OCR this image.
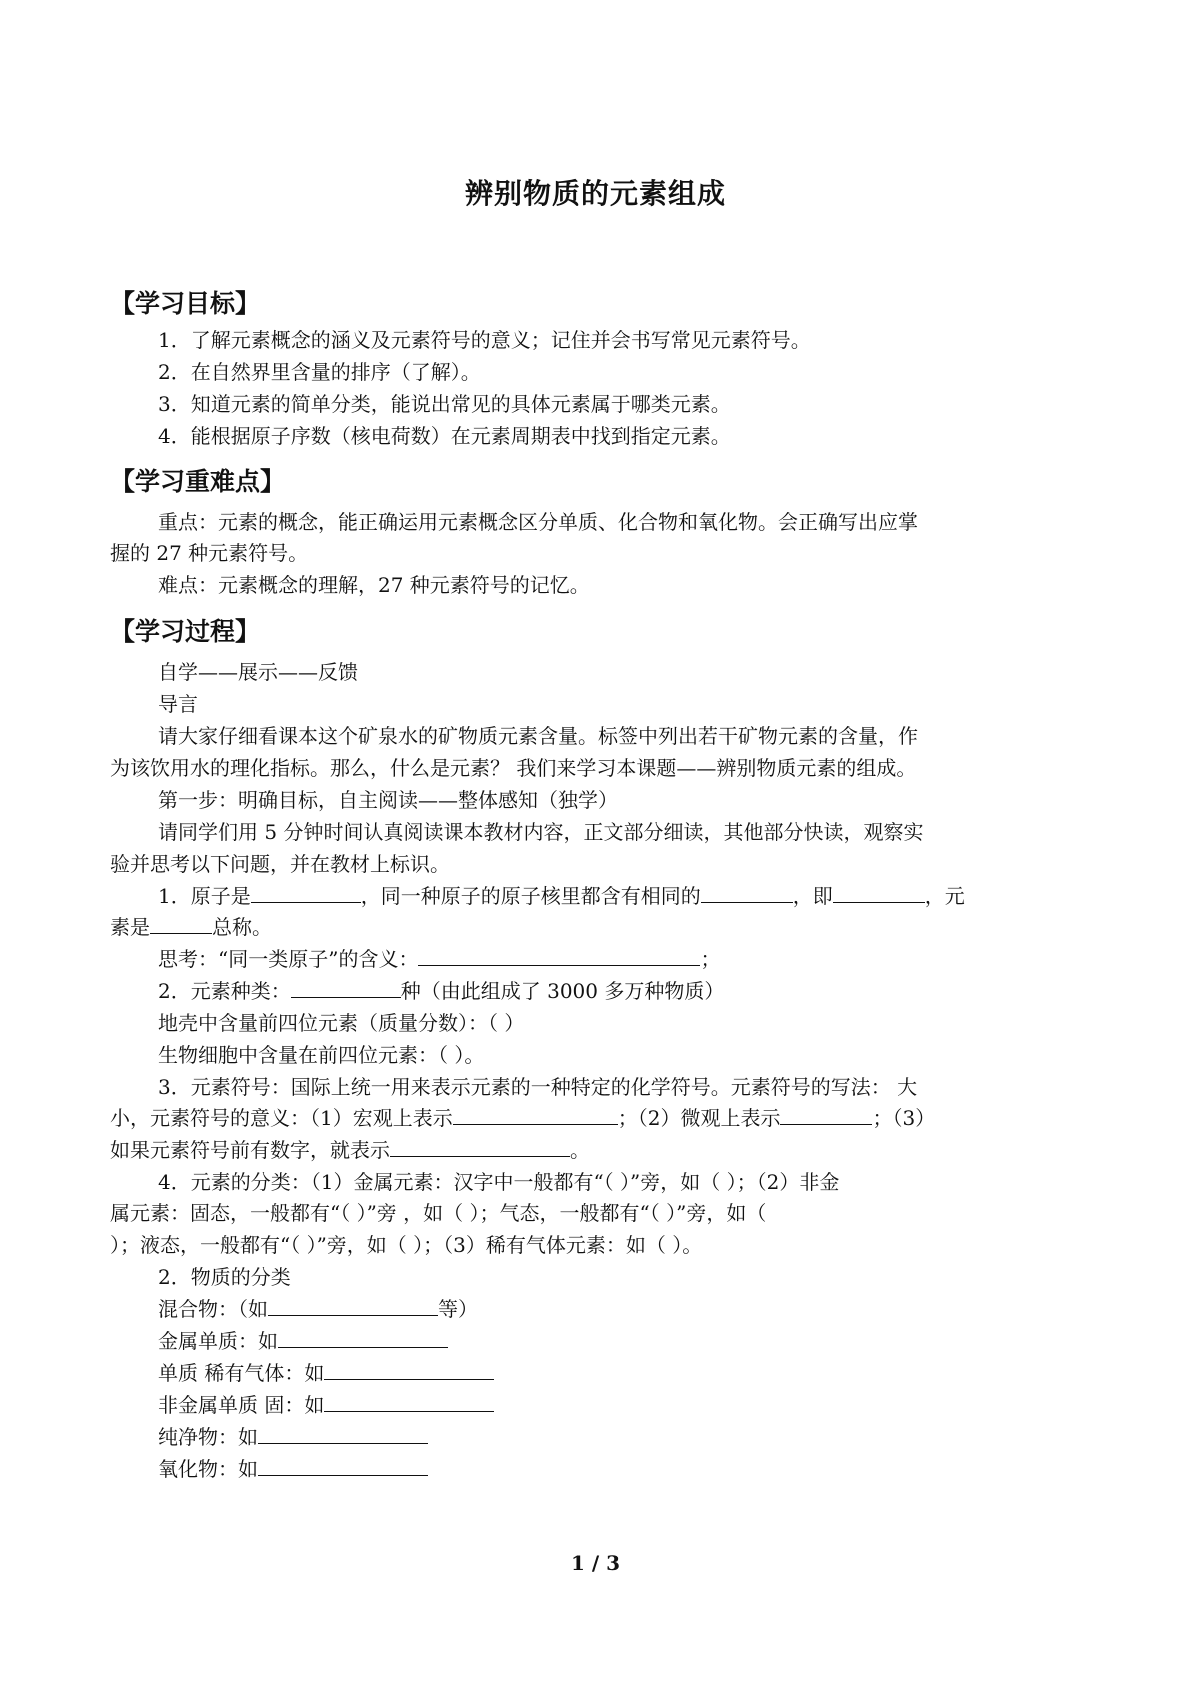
辨别物质的元素组成
【学习目标】
1．了解元素概念的涵义及元素符号的意义；记住并会书写常见元素符号。
2．在自然界里含量的排序（了解）。
3．知道元素的简单分类，能说出常见的具体元素属于哪类元素。
4．能根据原子序数（核电荷数）在元素周期表中找到指定元素。
【学习重难点】
重点：元素的概念，能正确运用元素概念区分单质、化合物和氧化物。会正确写出应掌
握的 27 种元素符号。
难点：元素概念的理解，27 种元素符号的记忆。
【学习过程】
自学——展示——反馈
导言
请大家仔细看课本这个矿泉水的矿物质元素含量。标签中列出若干矿物元素的含量，作
为该饮用水的理化指标。那么，什么是元素？ 我们来学习本课题——辨别物质元素的组成。
第一步：明确目标，自主阅读——整体感知（独学）
请同学们用 5 分钟时间认真阅读课本教材内容，正文部分细读，其他部分快读，观察实
验并思考以下问题，并在教材上标识。
1．原子是	，同一种原子的原子核里都含有相同的	，即	，元
素是	总称。
思考：“同一类原子”的含义：	；
2．元素种类：	种（由此组成了 3000 多万种物质）
地壳中含量前四位元素（质量分数）：（ ）
生物细胞中含量在前四位元素：（ ）。
3．元素符号：国际上统一用来表示元素的一种特定的化学符号。元素符号的写法： 大
小，元素符号的意义：（1）宏观上表示	；（2）微观上表示	；（3）
如果元素符号前有数字，就表示	。
4．元素的分类：（1）金属元素：汉字中一般都有“（ ）”旁，如（ ）；（2）非金
属元素：固态，一般都有“（ ）”旁 ，如（ ）；气态，一般都有“（ ）”旁，如（
）；液态，一般都有“（ ）”旁，如（ ）；（3）稀有气体元素：如（ ）。
2．物质的分类
混合物：（如	等）
金属单质：如
单质 稀有气体：如
非金属单质 固：如
纯净物：如
氧化物：如
1 / 3
